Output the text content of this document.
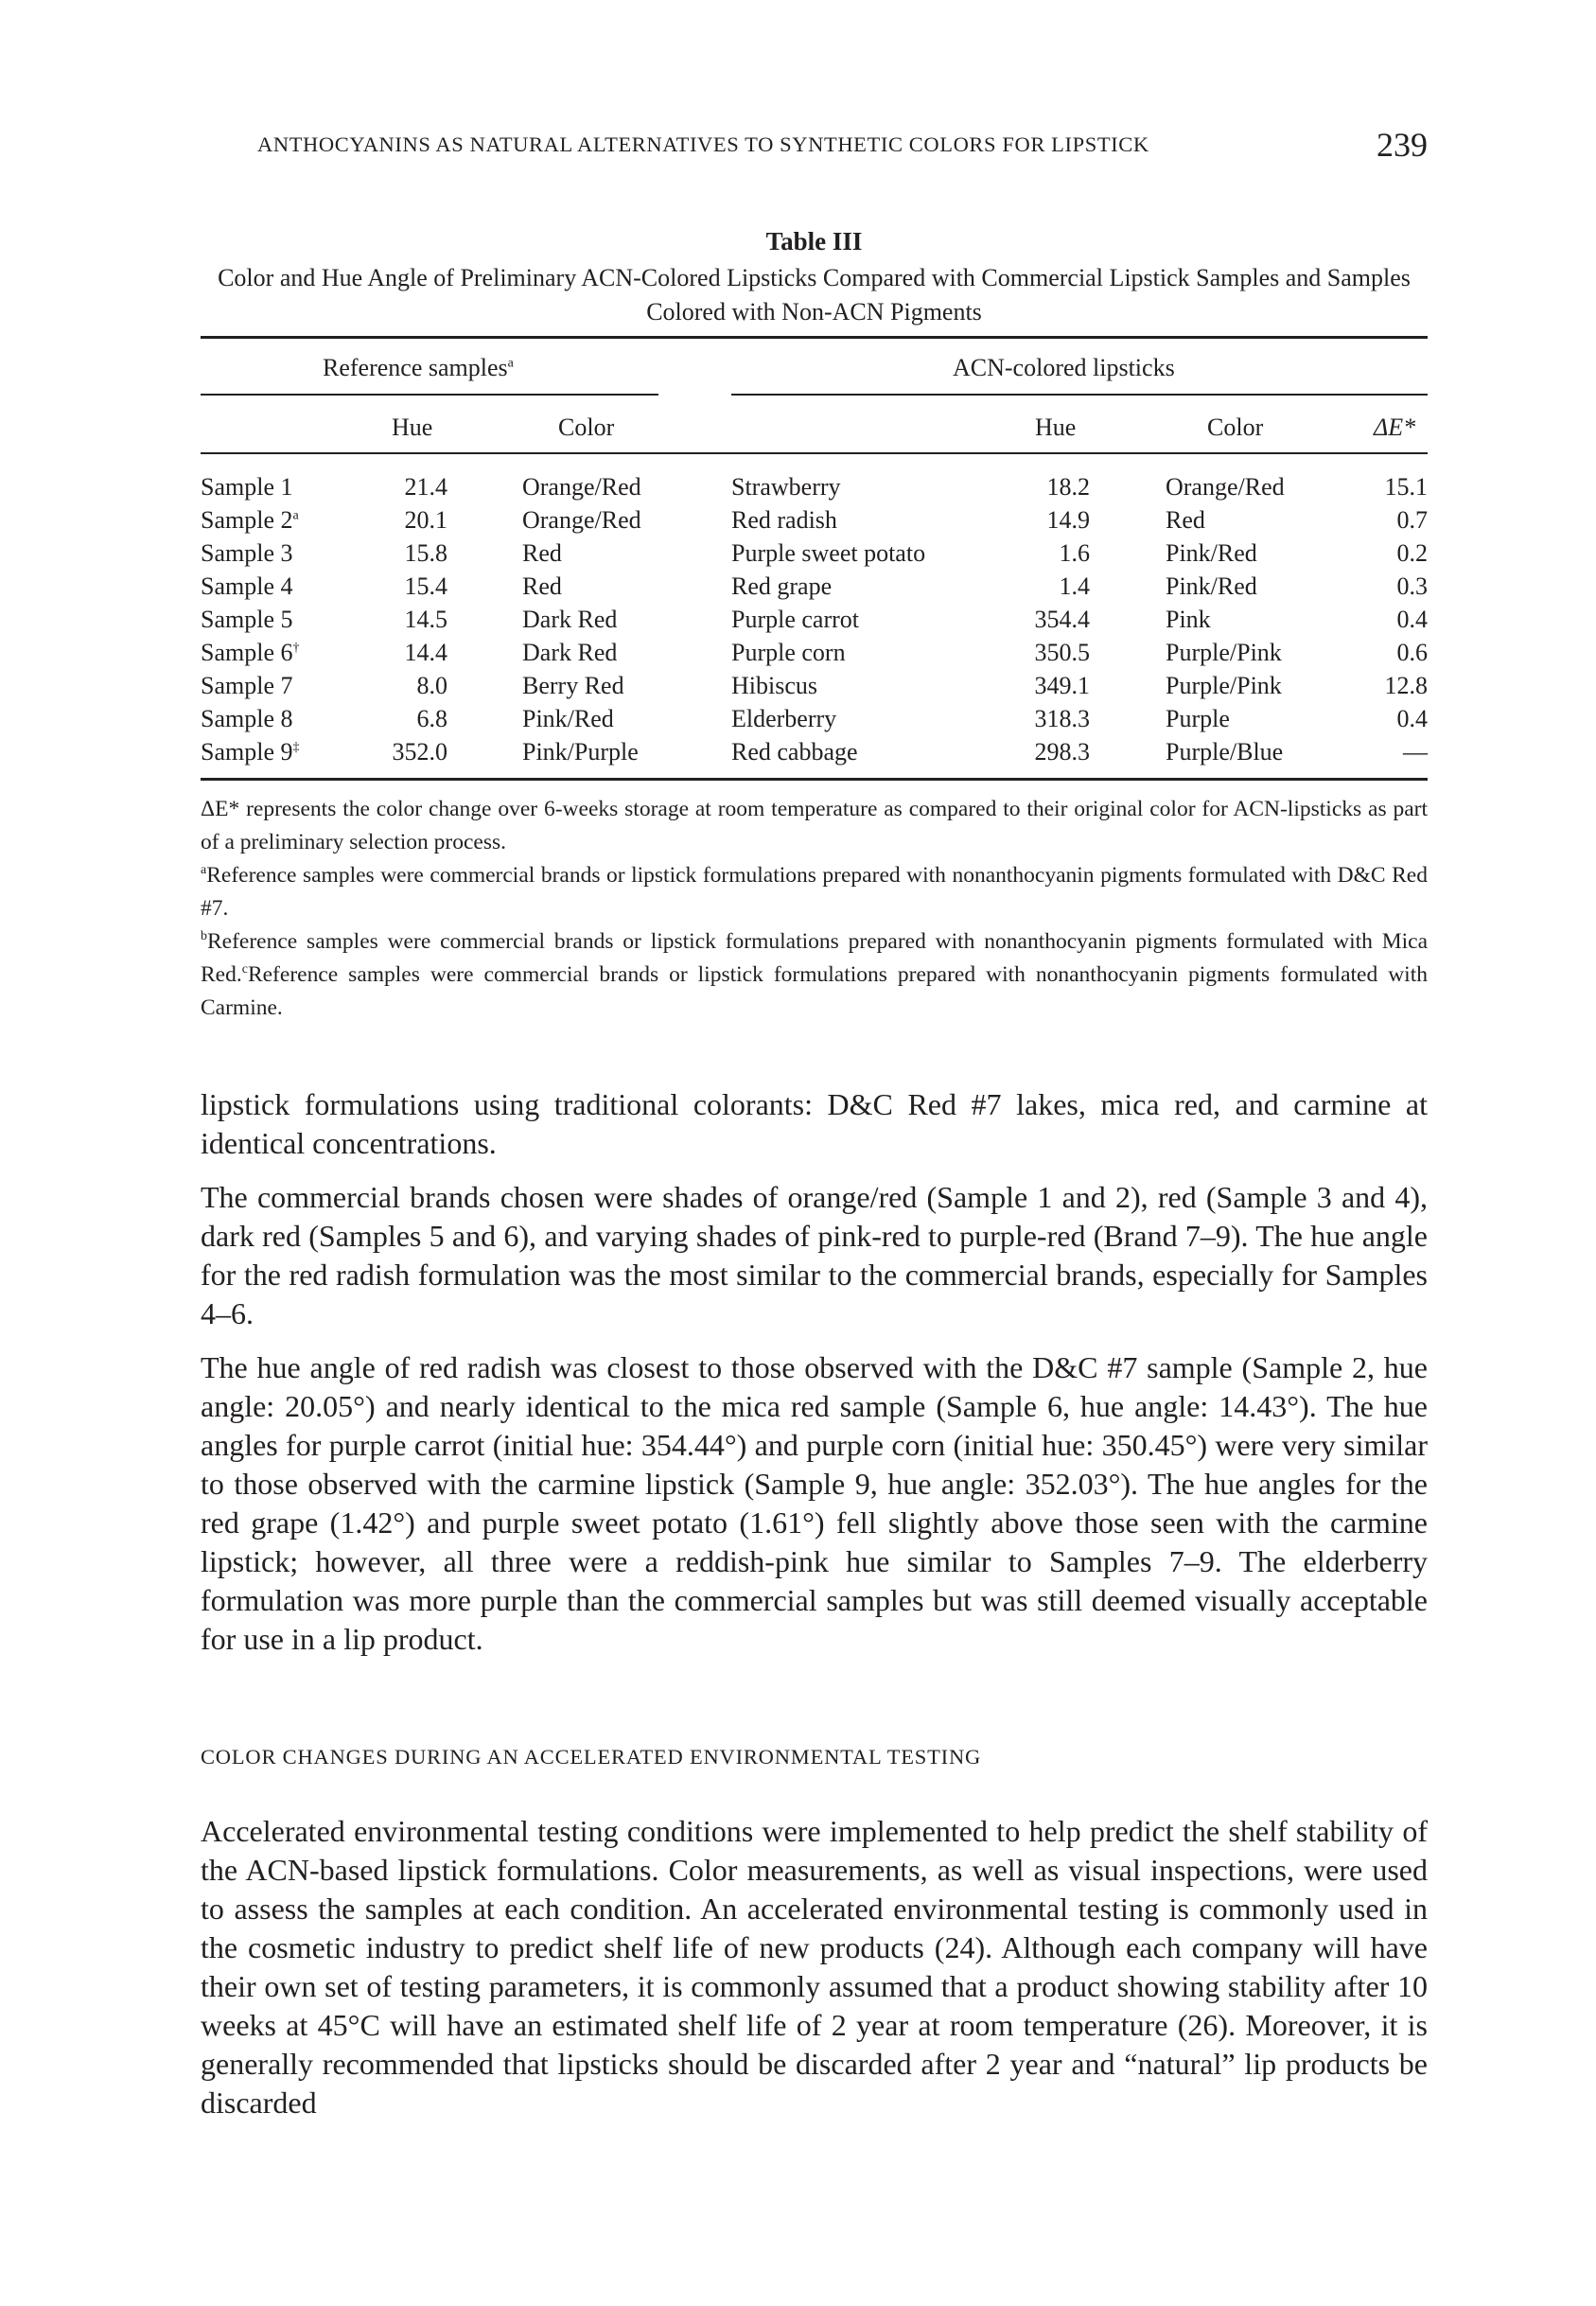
ANTHOCYANINS AS NATURAL ALTERNATIVES TO SYNTHETIC COLORS FOR LIPSTICK	239
Table III
Color and Hue Angle of Preliminary ACN-Colored Lipsticks Compared with Commercial Lipstick Samples and Samples Colored with Non-ACN Pigments
Reference samples$^a$	ACN-colored lipsticks
Hue	Color	Hue	Color	ΔE*
Sample 1	21.4	Orange/Red	Strawberry	18.2	Orange/Red	15.1
Sample 2$^a$	20.1	Orange/Red	Red radish	14.9	Red	0.7
Sample 3	15.8	Red	Purple sweet potato	1.6	Pink/Red	0.2
Sample 4	15.4	Red	Red grape	1.4	Pink/Red	0.3
Sample 5	14.5	Dark Red	Purple carrot	354.4	Pink	0.4
Sample 6†	14.4	Dark Red	Purple corn	350.5	Purple/Pink	0.6
Sample 7	8.0	Berry Red	Hibiscus	349.1	Purple/Pink	12.8
Sample 8	6.8	Pink/Red	Elderberry	318.3	Purple	0.4
Sample 9‡	352.0	Pink/Purple	Red cabbage	298.3	Purple/Blue	—

ΔE* represents the color change over 6-weeks storage at room temperature as compared to their original color for ACN-lipsticks as part of a preliminary selection process.

$^a$Reference samples were commercial brands or lipstick formulations prepared with nonanthocyanin pigments formulated with D&C Red #7.

$^b$Reference samples were commercial brands or lipstick formulations prepared with nonanthocyanin pigments formulated with Mica Red.$^c$Reference samples were commercial brands or lipstick formulations prepared with nonanthocyanin pigments formulated with Carmine.

lipstick formulations using traditional colorants: D&C Red #7 lakes, mica red, and carmine at identical concentrations.

The commercial brands chosen were shades of orange/red (Sample 1 and 2), red (Sample 3 and 4), dark red (Samples 5 and 6), and varying shades of pink-red to purple-red (Brand 7–9). The hue angle for the red radish formulation was the most similar to the commercial brands, especially for Samples 4–6.

The hue angle of red radish was closest to those observed with the D&C #7 sample (Sample 2, hue angle: 20.05°) and nearly identical to the mica red sample (Sample 6, hue angle: 14.43°). The hue angles for purple carrot (initial hue: 354.44°) and purple corn (initial hue: 350.45°) were very similar to those observed with the carmine lipstick (Sample 9, hue angle: 352.03°). The hue angles for the red grape (1.42°) and purple sweet potato (1.61°) fell slightly above those seen with the carmine lipstick; however, all three were a reddish-pink hue similar to Samples 7–9. The elderberry formulation was more purple than the commercial samples but was still deemed visually acceptable for use in a lip product.

COLOR CHANGES DURING AN ACCELERATED ENVIRONMENTAL TESTING

Accelerated environmental testing conditions were implemented to help predict the shelf stability of the ACN-based lipstick formulations. Color measurements, as well as visual inspections, were used to assess the samples at each condition. An accelerated environmental testing is commonly used in the cosmetic industry to predict shelf life of new products (24). Although each company will have their own set of testing parameters, it is commonly assumed that a product showing stability after 10 weeks at 45°C will have an estimated shelf life of 2 year at room temperature (26). Moreover, it is generally recommended that lipsticks should be discarded after 2 year and “natural” lip products be discarded
